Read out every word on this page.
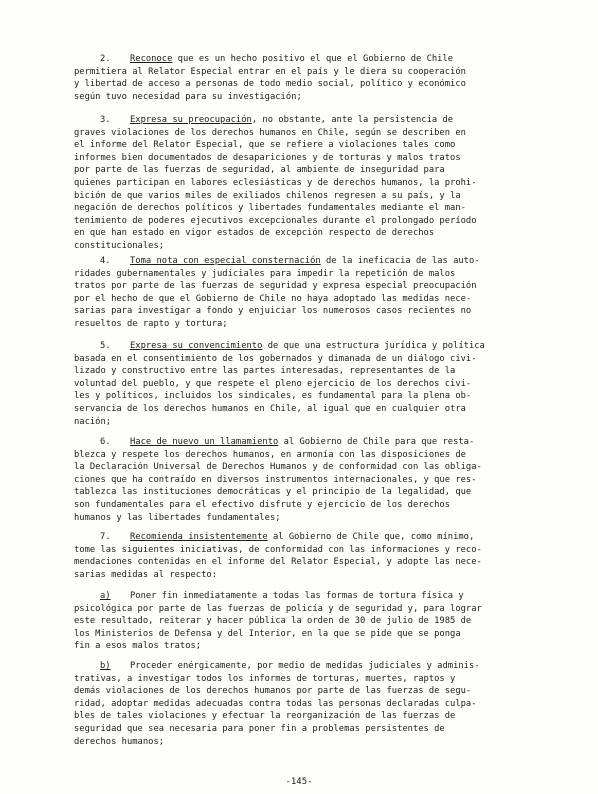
2. Reconoce que es un hecho positivo el que el Gobierno de Chile
permitiera al Relator Especial entrar en el país y le diera su cooperación
y libertad de acceso a personas de todo medio social, político y económico
según tuvo necesidad para su investigación;
3. Expresa su preocupación, no obstante, ante la persistencia de
graves violaciones de los derechos humanos en Chile, según se describen en
el informe del Relator Especial, que se refiere a violaciones tales como
informes bien documentados de desapariciones y de torturas y malos tratos
por parte de las fuerzas de seguridad, al ambiente de inseguridad para
quienes participan en labores eclesiásticas y de derechos humanos, la prohi-
bición de que varios miles de exiliados chilenos regresen a su país, y la
negación de derechos políticos y libertades fundamentales mediante el man-
tenimiento de poderes ejecutivos excepcionales durante el prolongado período
en que han estado en vigor estados de excepción respecto de derechos
constitucionales;
4. Toma nota con especial consternación de la ineficacia de las auto-
ridades gubernamentales y judiciales para impedir la repetición de malos
tratos por parte de las fuerzas de seguridad y expresa especial preocupación
por el hecho de que el Gobierno de Chile no haya adoptado las medidas nece-
sarias para investigar a fondo y enjuiciar los numerosos casos recientes no
resueltos de rapto y tortura;
5. Expresa su convencimiento de que una estructura jurídica y política
basada en el consentimiento de los gobernados y dimanada de un diálogo civi-
lizado y constructivo entre las partes interesadas, representantes de la
voluntad del pueblo, y que respete el pleno ejercicio de los derechos civi-
les y políticos, incluidos los sindicales, es fundamental para la plena ob-
servancia de los derechos humanos en Chile, al igual que en cualquier otra
nación;
6. Hace de nuevo un llamamiento al Gobierno de Chile para que resta-
blezca y respete los derechos humanos, en armonía con las disposiciones de
la Declaración Universal de Derechos Humanos y de conformidad con las obliga-
ciones que ha contraído en diversos instrumentos internacionales, y que res-
tablezca las instituciones democráticas y el principio de la legalidad, que
son fundamentales para el efectivo disfrute y ejercicio de los derechos
humanos y las libertades fundamentales;
7. Recomienda insistentemente al Gobierno de Chile que, como mínimo,
tome las siguientes iniciativas, de conformidad con las informaciones y reco-
mendaciones contenidas en el informe del Relator Especial, y adopte las nece-
sarias medidas al respecto:
a) Poner fin inmediatamente a todas las formas de tortura física y
psicológica por parte de las fuerzas de policía y de seguridad y, para lograr
este resultado, reiterar y hacer pública la orden de 30 de julio de 1985 de
los Ministerios de Defensa y del Interior, en la que se pide que se ponga
fin a esos malos tratos;
b) Proceder enérgicamente, por medio de medidas judiciales y adminis-
trativas, a investigar todos los informes de torturas, muertes, raptos y
demás violaciones de los derechos humanos por parte de las fuerzas de segu-
ridad, adoptar medidas adecuadas contra todas las personas declaradas culpa-
bles de tales violaciones y efectuar la reorganización de las fuerzas de
seguridad que sea necesaria para poner fin a problemas persistentes de
derechos humanos;
-145-
